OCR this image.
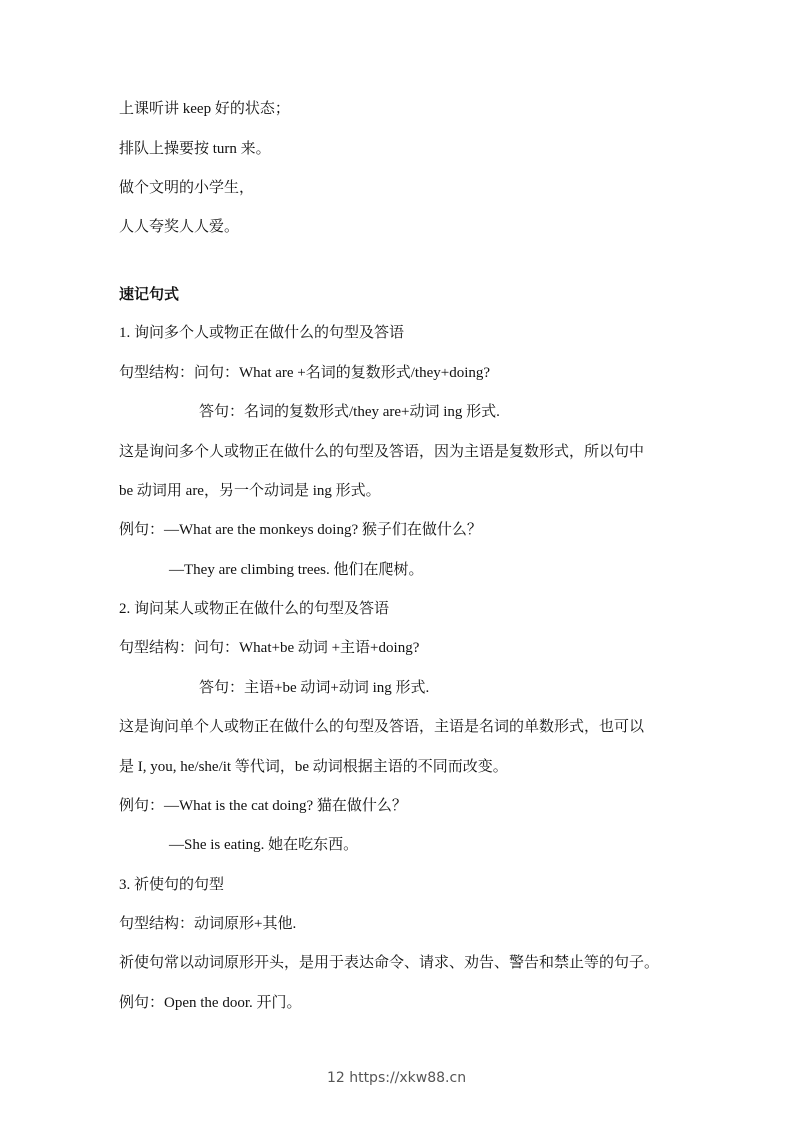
上课听讲 keep 好的状态；
排队上操要按 turn 来。
做个文明的小学生，
人人夸奖人人爱。
速记句式
1. 询问多个人或物正在做什么的句型及答语
句型结构：问句：What are +名词的复数形式/they+doing?
答句：名词的复数形式/they are+动词 ing 形式.
这是询问多个人或物正在做什么的句型及答语，因为主语是复数形式，所以句中
be 动词用 are，另一个动词是 ing 形式。
例句：—What are the monkeys doing? 猴子们在做什么？
—They are climbing trees. 他们在爬树。
2. 询问某人或物正在做什么的句型及答语
句型结构：问句：What+be 动词 +主语+doing?
答句：主语+be 动词+动词 ing 形式.
这是询问单个人或物正在做什么的句型及答语，主语是名词的单数形式，也可以
是 I, you, he/she/it 等代词，be 动词根据主语的不同而改变。
例句：—What is the cat doing? 猫在做什么？
—She is eating. 她在吃东西。
3. 祈使句的句型
句型结构：动词原形+其他.
祈使句常以动词原形开头，是用于表达命令、请求、劝告、警告和禁止等的句子。
例句：Open the door. 开门。
12 https://xkw88.cn
